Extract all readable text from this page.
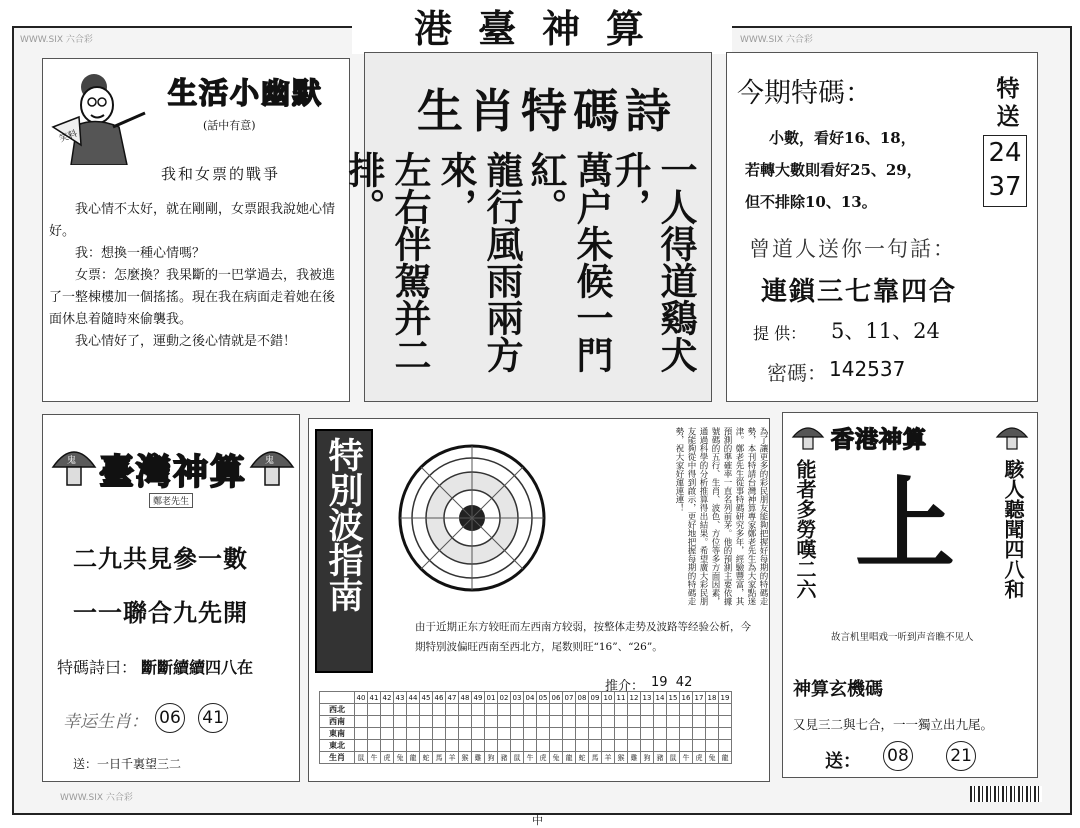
WWW.SIX 六合彩	WWW.SIX 六合彩
WWW.SIX 六合彩
港臺神算
笑料
生活小幽默
(話中有意)
我和女票的戰爭

我心情不太好，就在剛剛，女票跟我說她心情好。

我：想換一種心情嗎？

女票：怎麼換？我果斷的一巴掌過去，我被進了一整棟樓加一個搖搖。現在我在病面走着她在後面休息着隨時來偷襲我。

我心情好了，運動之後心情就是不錯！

生肖特碼詩
一人得道鷄犬升，
萬户朱候一門紅。
龍行風雨兩方來，
左右伴駕并二排。
今期特碼：
小數，看好16、18，
若轉大數則看好25、29，
但不排除10、13。
特送
24
37
曾道人送你一句話：
連鎖三七靠四合
提 供： 5、11、24
密碼： 142537
鬼	鬼
臺灣神算
鄭老先生
二九共見參一數
一一聯合九先開
特碼詩曰： 斷斷續續四八在
幸运生肖： 06 41
送：一日千裏望三二
特別波指南	為了讓更多的彩民朋友能夠把握好每期的特碼走勢，本刊特請台灣神算專家鄭老先生為大家點迷津。鄭老先生從事特碼研究多年，經驗豐富，其預測的準確率一直名列前茅。他的預測主要依據號碼的五行、生肖、波色、方位等多方面因素，通過科學的分析推算得出結果。希望廣大彩民朋友能夠從中得到啟示，更好地把握每期的特碼走勢，祝大家好運連連！
由于近期正东方较旺而左西南方较弱，按整体走势及波路等经验公析，今期特别波偏旺西南至西北方，尾数则旺“16”、“26”。
推介： 19  42
	40	41	42	43	44	45	46	47	48	49	01	02	03	04	05	06	07	08	09	10	11	12	13	14	15	16	17	18	19
西北																													
西南																													
東南																													
東北																													
生肖	鼠	牛	虎	兔	龍	蛇	馬	羊	猴	雞	狗	豬	鼠	牛	虎	兔	龍	蛇	馬	羊	猴	雞	狗	豬	鼠	牛	虎	兔	龍
香港神算
能者多勞嘆二六 上 駭人聽聞四八和
故言机里唱戏一听到声音瞧不见人
神算玄機碼
又見三二與七合，一一獨立出九尾。
送：	08 21
中
